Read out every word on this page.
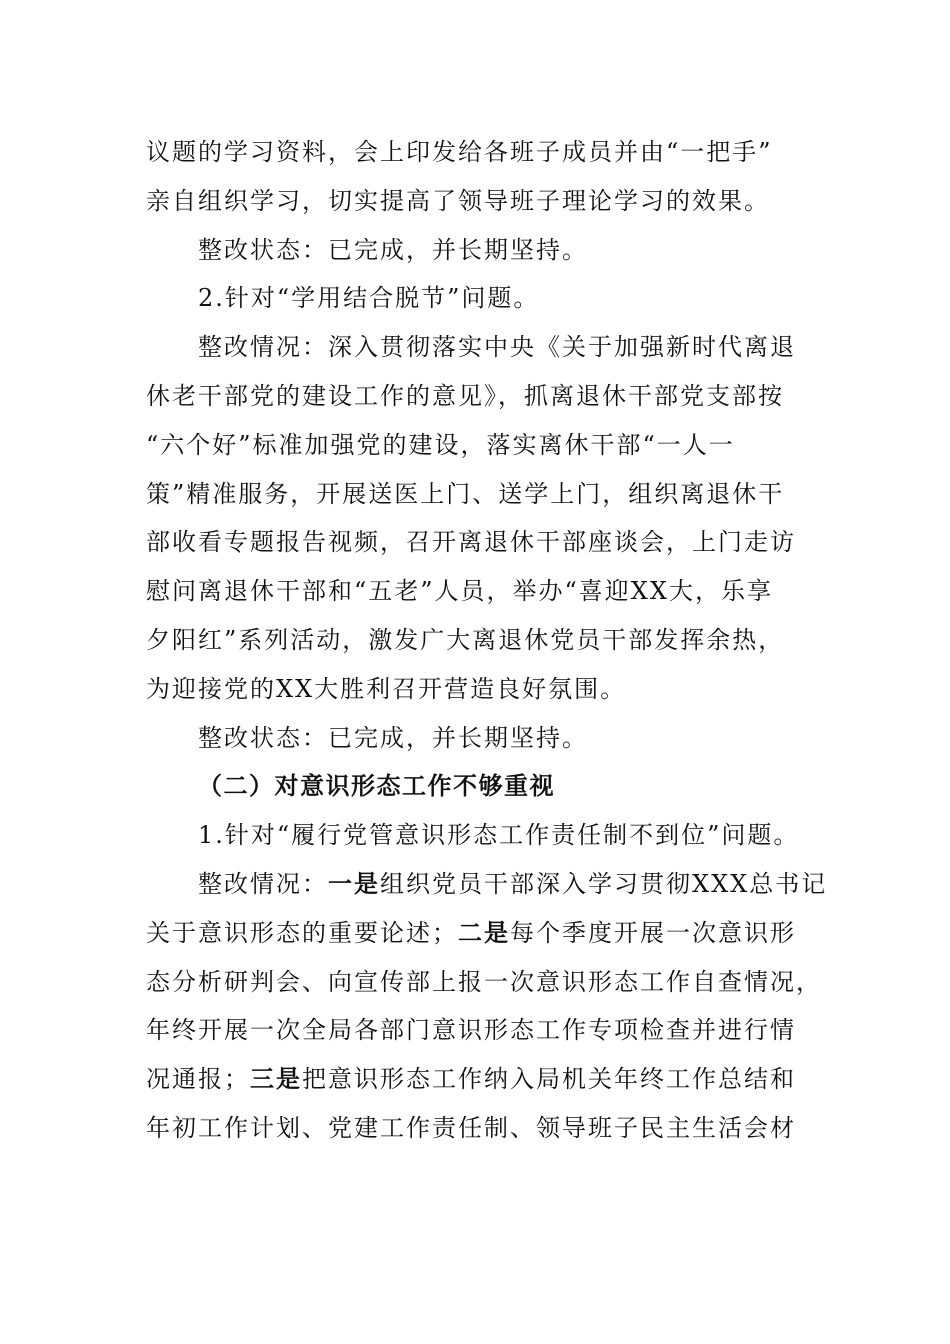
议题的学习资料，会上印发给各班子成员并由“一把手”
亲自组织学习，切实提高了领导班子理论学习的效果。
整改状态：已完成，并长期坚持。
2.针对“学用结合脱节”问题。
整改情况：深入贯彻落实中央《关于加强新时代离退
休老干部党的建设工作的意见》，抓离退休干部党支部按
“六个好”标准加强党的建设，落实离休干部“一人一
策”精准服务，开展送医上门、送学上门，组织离退休干
部收看专题报告视频，召开离退休干部座谈会，上门走访
慰问离退休干部和“五老”人员，举办“喜迎XX大，乐享
夕阳红”系列活动，激发广大离退休党员干部发挥余热，
为迎接党的XX大胜利召开营造良好氛围。
整改状态：已完成，并长期坚持。
（二）对意识形态工作不够重视
1.针对“履行党管意识形态工作责任制不到位”问题。
整改情况：一是组织党员干部深入学习贯彻XXX总书记
关于意识形态的重要论述；二是每个季度开展一次意识形
态分析研判会、向宣传部上报一次意识形态工作自查情况，
年终开展一次全局各部门意识形态工作专项检查并进行情
况通报；三是把意识形态工作纳入局机关年终工作总结和
年初工作计划、党建工作责任制、领导班子民主生活会材
